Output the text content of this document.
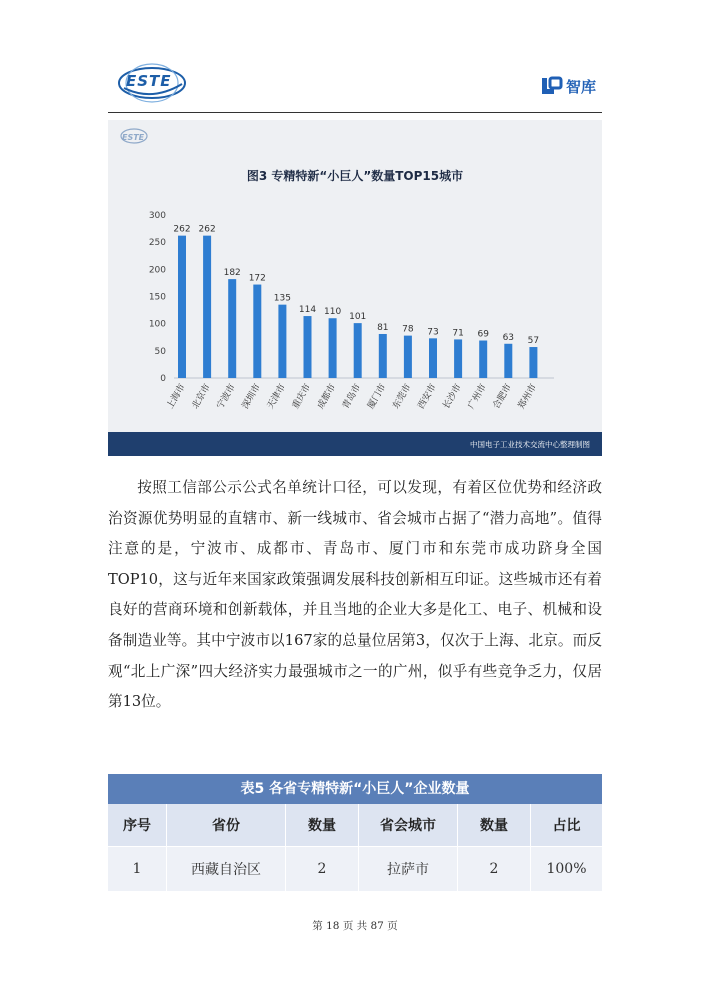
ESTE	智库
ESTE
图3 专精特新“小巨人”数量TOP15城市
0
50
100
150
200
250
300
262 262
182
172
135
114 110 101
81 78 73 71 69 63 57
上海市 北京市 宁波市 深圳市 天津市 重庆市 成都市 青岛市 厦门市 东莞市 西安市 长沙市 广州市 合肥市 郑州市
中国电子工业技术交流中心整理制图

按照工信部公示公式名单统计口径，可以发现，有着区位优势和经济政治资源优势明显的直辖市、新一线城市、省会城市占据了“潜力高地”。值得注意的是，宁波市、成都市、青岛市、厦门市和东莞市成功跻身全国TOP10，这与近年来国家政策强调发展科技创新相互印证。这些城市还有着良好的营商环境和创新载体，并且当地的企业大多是化工、电子、机械和设备制造业等。其中宁波市以167家的总量位居第3，仅次于上海、北京。而反观“北上广深”四大经济实力最强城市之一的广州，似乎有些竞争乏力，仅居第13位。

表5 各省专精特新“小巨人”企业数量
序号	省份	数量	省会城市	数量	占比
1	西藏自治区	2	拉萨市	2	100%
第 18 页 共 87 页
